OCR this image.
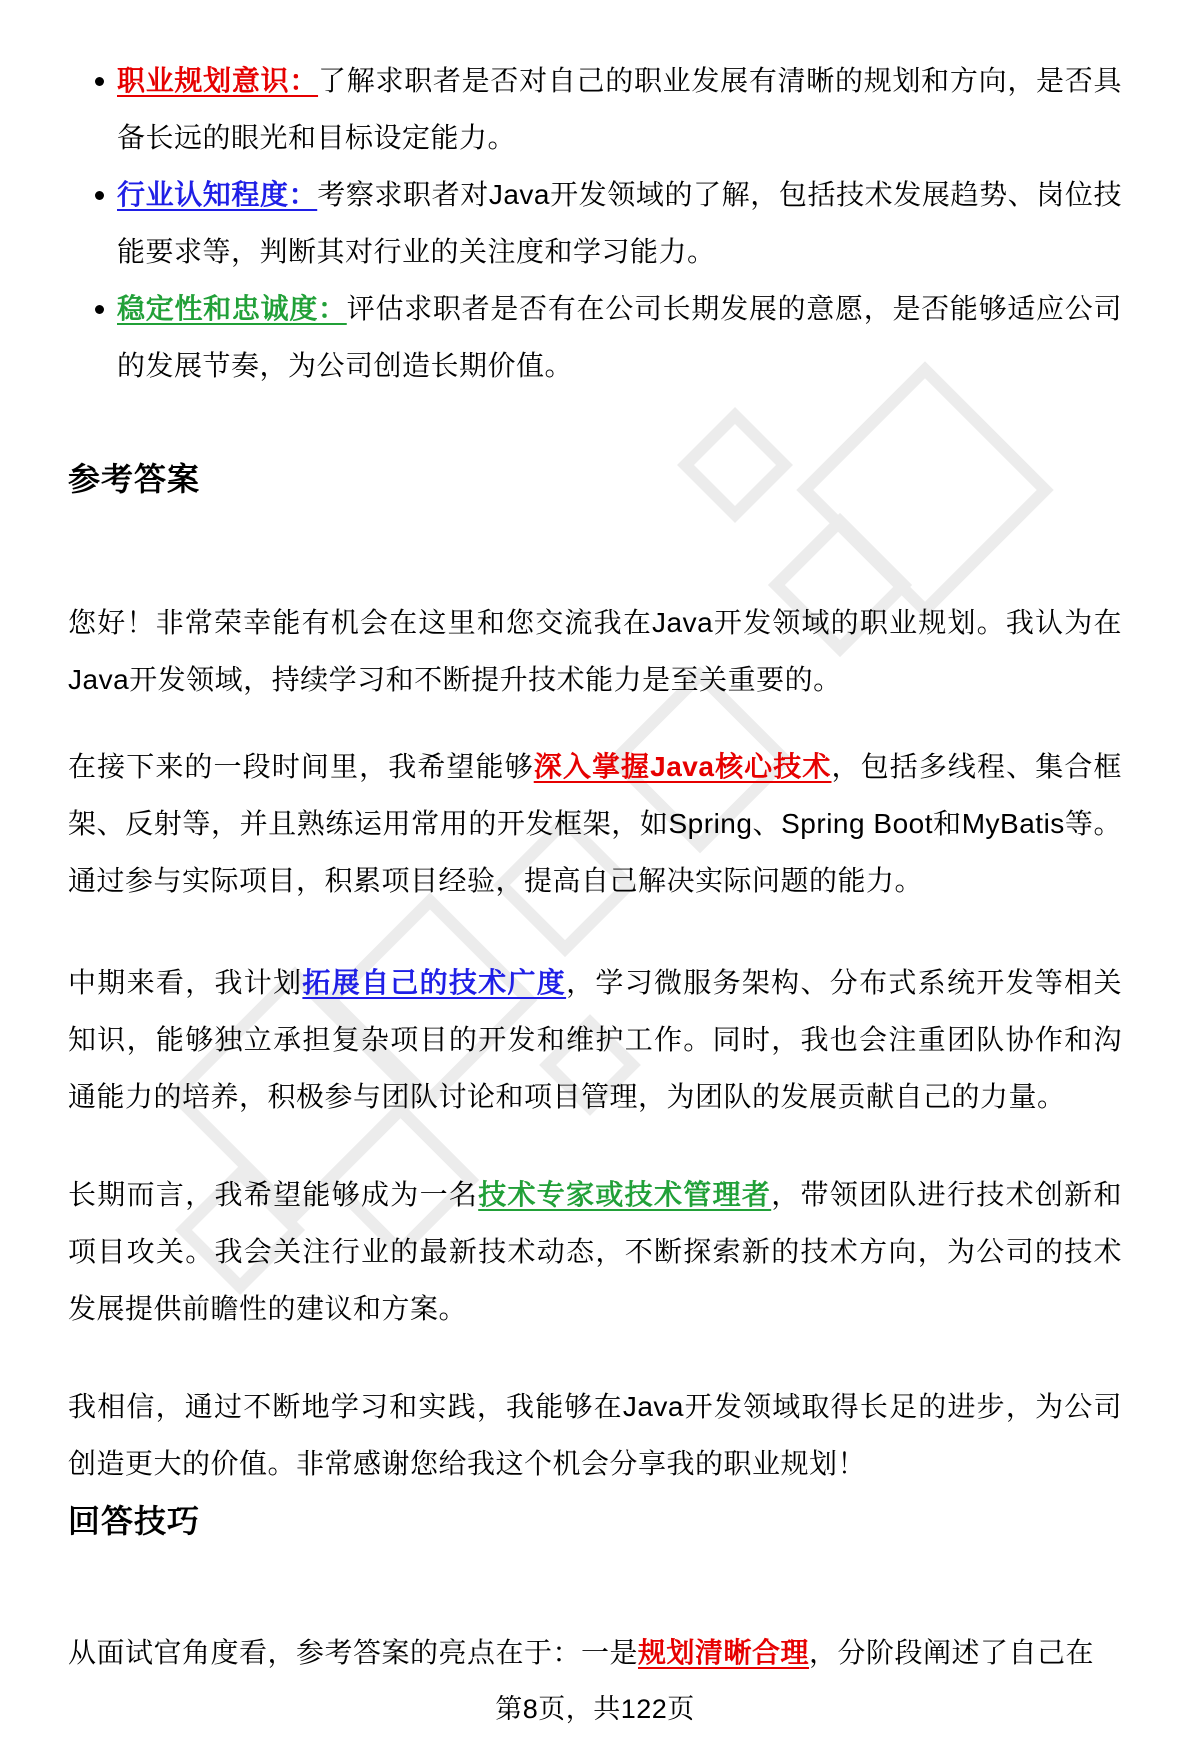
职业规划意识：了解求职者是否对自己的职业发展有清晰的规划和方向，是否具备长远的眼光和目标设定能力。
行业认知程度：考察求职者对Java开发领域的了解，包括技术发展趋势、岗位技能要求等，判断其对行业的关注度和学习能力。
稳定性和忠诚度：评估求职者是否有在公司长期发展的意愿，是否能够适应公司的发展节奏，为公司创造长期价值。
参考答案

您好！非常荣幸能有机会在这里和您交流我在Java开发领域的职业规划。我认为在Java开发领域，持续学习和不断提升技术能力是至关重要的。

在接下来的一段时间里，我希望能够深入掌握Java核心技术，包括多线程、集合框架、反射等，并且熟练运用常用的开发框架，如Spring、Spring Boot和MyBatis等。通过参与实际项目，积累项目经验，提高自己解决实际问题的能力。

中期来看，我计划拓展自己的技术广度，学习微服务架构、分布式系统开发等相关知识，能够独立承担复杂项目的开发和维护工作。同时，我也会注重团队协作和沟通能力的培养，积极参与团队讨论和项目管理，为团队的发展贡献自己的力量。

长期而言，我希望能够成为一名技术专家或技术管理者，带领团队进行技术创新和项目攻关。我会关注行业的最新技术动态，不断探索新的技术方向，为公司的技术发展提供前瞻性的建议和方案。

我相信，通过不断地学习和实践，我能够在Java开发领域取得长足的进步，为公司创造更大的价值。非常感谢您给我这个机会分享我的职业规划！

回答技巧

从面试官角度看，参考答案的亮点在于：一是规划清晰合理，分阶段阐述了自己在

第8页，共122页
